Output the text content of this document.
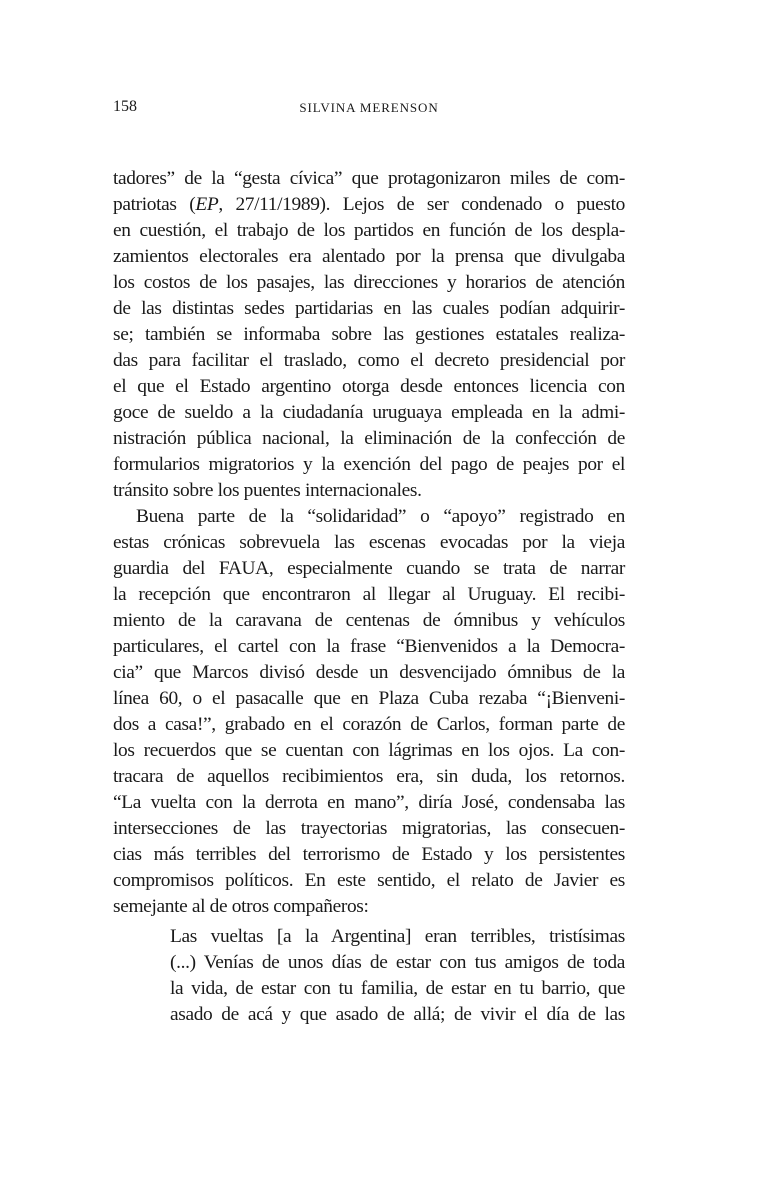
158	SILVINA MERENSON

tadores” de la “gesta cívica” que protagonizaron miles de com-
patriotas (EP, 27/11/1989). Lejos de ser condenado o puesto
en cuestión, el trabajo de los partidos en función de los despla-
zamientos electorales era alentado por la prensa que divulgaba
los costos de los pasajes, las direcciones y horarios de atención
de las distintas sedes partidarias en las cuales podían adquirir-
se; también se informaba sobre las gestiones estatales realiza-
das para facilitar el traslado, como el decreto presidencial por
el que el Estado argentino otorga desde entonces licencia con
goce de sueldo a la ciudadanía uruguaya empleada en la admi-
nistración pública nacional, la eliminación de la confección de
formularios migratorios y la exención del pago de peajes por el
tránsito sobre los puentes internacionales.

Buena parte de la “solidaridad” o “apoyo” registrado en

estas crónicas sobrevuela las escenas evocadas por la vieja
guardia del FAUA, especialmente cuando se trata de narrar
la recepción que encontraron al llegar al Uruguay. El recibi-
miento de la caravana de centenas de ómnibus y vehículos
particulares, el cartel con la frase “Bienvenidos a la Democra-
cia” que Marcos divisó desde un desvencijado ómnibus de la
línea 60, o el pasacalle que en Plaza Cuba rezaba “¡Bienveni-
dos a casa!”, grabado en el corazón de Carlos, forman parte de
los recuerdos que se cuentan con lágrimas en los ojos. La con-
tracara de aquellos recibimientos era, sin duda, los retornos.
“La vuelta con la derrota en mano”, diría José, condensaba las
intersecciones de las trayectorias migratorias, las consecuen-
cias más terribles del terrorismo de Estado y los persistentes
compromisos políticos. En este sentido, el relato de Javier es
semejante al de otros compañeros:

Las vueltas [a la Argentina] eran terribles, tristísimas
(...) Venías de unos días de estar con tus amigos de toda
la vida, de estar con tu familia, de estar en tu barrio, que
asado de acá y que asado de allá; de vivir el día de las
